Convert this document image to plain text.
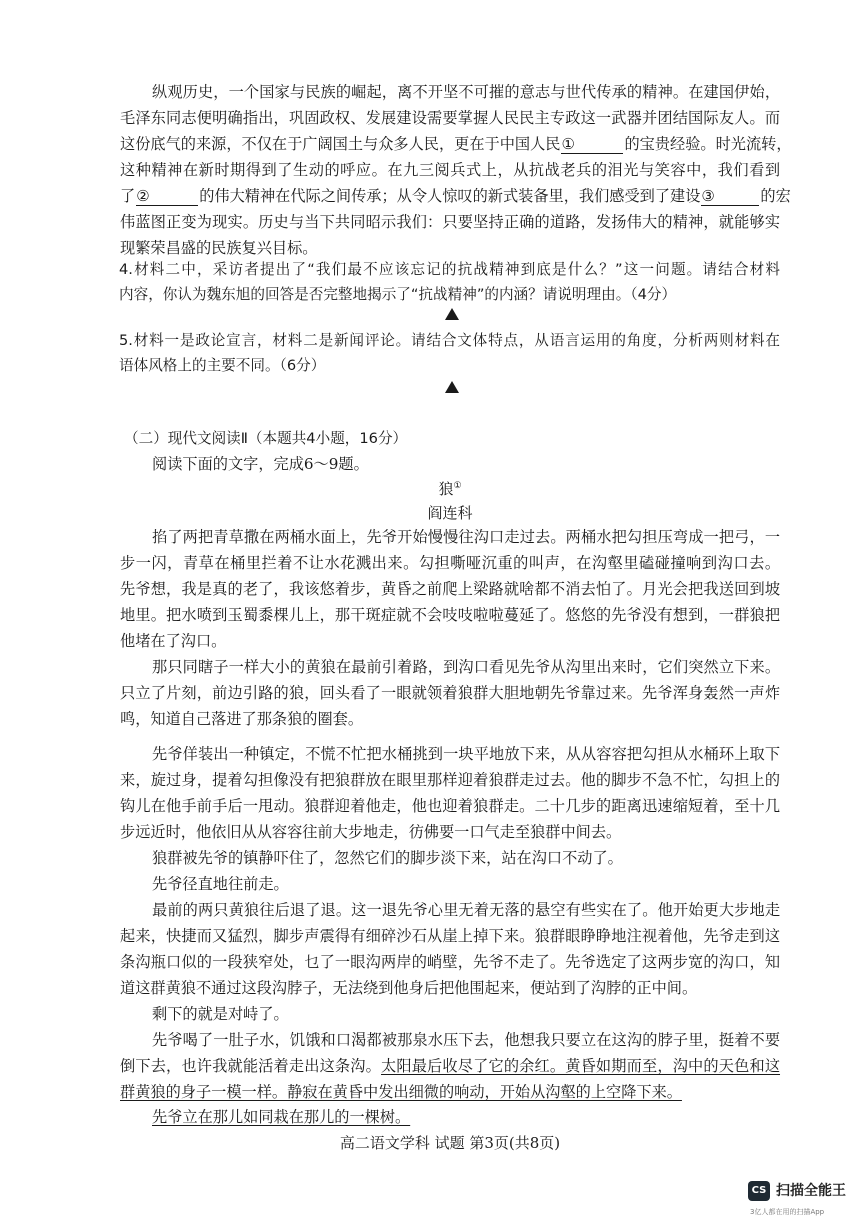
纵观历史，一个国家与民族的崛起，离不开坚不可摧的意志与世代传承的精神。在建国伊始，
毛泽东同志便明确指出，巩固政权、发展建设需要掌握人民民主专政这一武器并团结国际友人。而
这份底气的来源，不仅在于广阔国土与众多人民，更在于中国人民①	的宝贵经验。时光流转，
这种精神在新时期得到了生动的呼应。在九三阅兵式上，从抗战老兵的泪光与笑容中，我们看到
了②	的伟大精神在代际之间传承；从令人惊叹的新式装备里，我们感受到了建设③	的宏
伟蓝图正变为现实。历史与当下共同昭示我们：只要坚持正确的道路，发扬伟大的精神，就能够实
现繁荣昌盛的民族复兴目标。
4.材料二中，采访者提出了“我们最不应该忘记的抗战精神到底是什么？”这一问题。请结合材料
内容，你认为魏东旭的回答是否完整地揭示了“抗战精神”的内涵？请说明理由。（4分）
5.材料一是政论宣言，材料二是新闻评论。请结合文体特点，从语言运用的角度，分析两则材料在
语体风格上的主要不同。（6分）
（二）现代文阅读Ⅱ（本题共4小题，16分）
阅读下面的文字，完成6～9题。
狼①
阎连科
掐了两把青草撒在两桶水面上，先爷开始慢慢往沟口走过去。两桶水把勾担压弯成一把弓，一
步一闪，青草在桶里拦着不让水花溅出来。勾担嘶哑沉重的叫声，在沟壑里磕碰撞响到沟口去。
先爷想，我是真的老了，我该悠着步，黄昏之前爬上梁路就啥都不消去怕了。月光会把我送回到坡
地里。把水喷到玉蜀黍棵儿上，那干斑症就不会吱吱啦啦蔓延了。悠悠的先爷没有想到，一群狼把
他堵在了沟口。
那只同瞎子一样大小的黄狼在最前引着路，到沟口看见先爷从沟里出来时，它们突然立下来。
只立了片刻，前边引路的狼，回头看了一眼就领着狼群大胆地朝先爷靠过来。先爷浑身轰然一声炸
鸣，知道自己落进了那条狼的圈套。
先爷佯装出一种镇定，不慌不忙把水桶挑到一块平地放下来，从从容容把勾担从水桶环上取下
来，旋过身，提着勾担像没有把狼群放在眼里那样迎着狼群走过去。他的脚步不急不忙，勾担上的
钩儿在他手前手后一甩动。狼群迎着他走，他也迎着狼群走。二十几步的距离迅速缩短着，至十几
步远近时，他依旧从从容容往前大步地走，彷佛要一口气走至狼群中间去。
狼群被先爷的镇静吓住了，忽然它们的脚步淡下来，站在沟口不动了。
先爷径直地往前走。
最前的两只黄狼往后退了退。这一退先爷心里无着无落的悬空有些实在了。他开始更大步地走
起来，快捷而又猛烈，脚步声震得有细碎沙石从崖上掉下来。狼群眼睁睁地注视着他，先爷走到这
条沟瓶口似的一段狭窄处，乜了一眼沟两岸的峭壁，先爷不走了。先爷选定了这两步宽的沟口，知
道这群黄狼不通过这段沟脖子，无法绕到他身后把他围起来，便站到了沟脖的正中间。
剩下的就是对峙了。
先爷喝了一肚子水，饥饿和口渴都被那泉水压下去，他想我只要立在这沟的脖子里，挺着不要
倒下去，也许我就能活着走出这条沟。太阳最后收尽了它的余红。黄昏如期而至，沟中的天色和这
群黄狼的身子一模一样。静寂在黄昏中发出细微的响动，开始从沟壑的上空降下来。
先爷立在那儿如同栽在那儿的一棵树。
高二语文学科 试题 第3页(共8页)
CS 扫描全能王
3亿人都在用的扫描App
